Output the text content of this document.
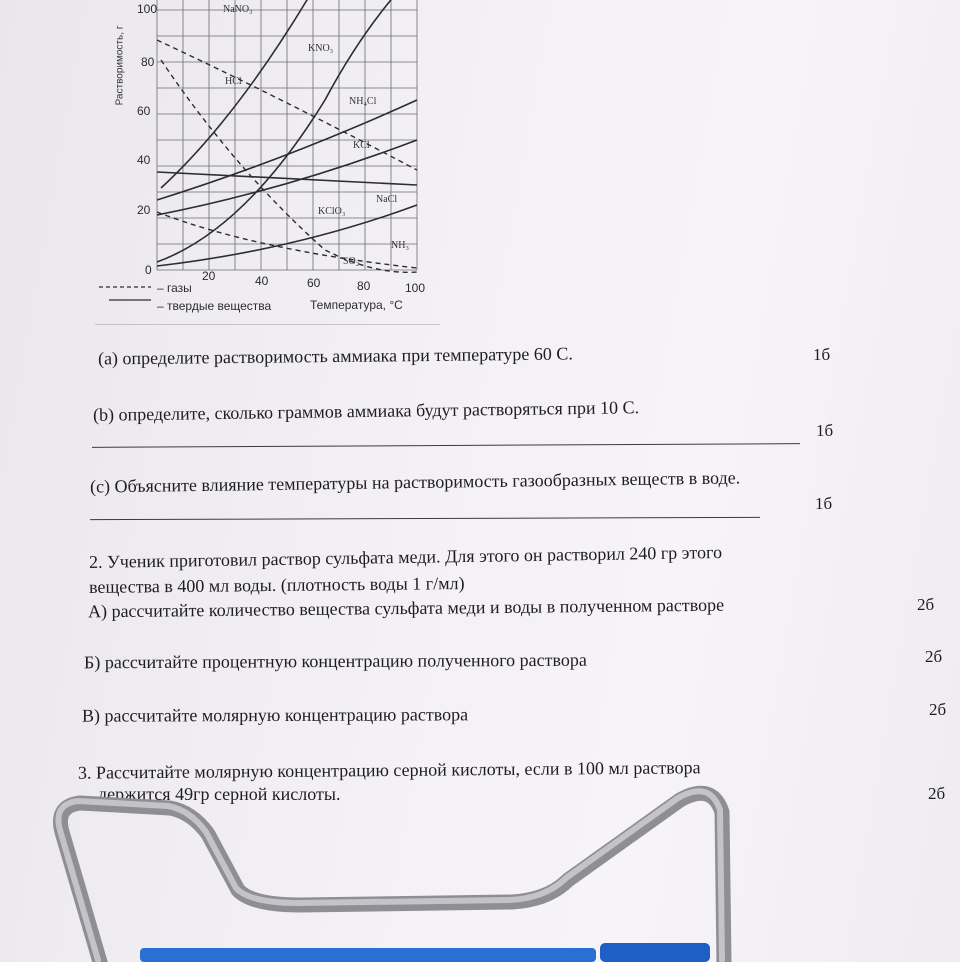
Растворимость, г
100
80
60
40
20
0	20	40	60	80	100
– газы
– твердые вещества	Температура, °С
NaNO₃
KNO₃
HCl
NH₄Cl
KCl
NaCl
KClO₃
NH₃
SO₂
(a) определите растворимость аммиака при температуре 60 С.	1б
(b) определите, сколько граммов аммиака будут растворяться при 10 С.
1б
(c) Объясните влияние температуры на растворимость газообразных веществ в воде.
1б
2. Ученик приготовил раствор сульфата меди. Для этого он растворил 240 гр этого
вещества в 400 мл воды. (плотность воды 1 г/мл)
А) рассчитайте количество вещества сульфата меди и воды в полученном растворе	2б
Б) рассчитайте процентную концентрацию полученного раствора	2б
В) рассчитайте молярную концентрацию раствора	2б
3. Рассчитайте молярную концентрацию серной кислоты, если в 100 мл раствора
держится 49гр серной кислоты.	2б
